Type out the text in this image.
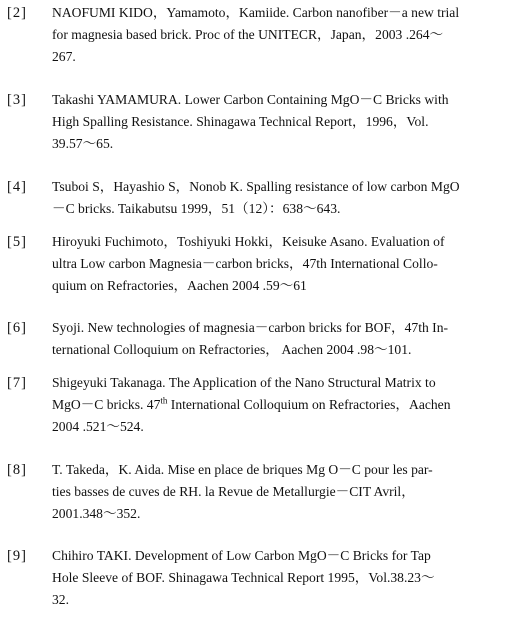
[2] NAOFUMI KIDO，Yamamoto，Kamiide. Carbon nanofiber－a new trial
for magnesia based brick. Proc of the UNITECR，Japan，2003 .264～
267.
[3] Takashi YAMAMURA. Lower Carbon Containing MgO－C Bricks with
High Spalling Resistance. Shinagawa Technical Report，1996，Vol.
39.57～65.
[4] Tsuboi S，Hayashio S，Nonob K. Spalling resistance of low carbon MgO
－C bricks. Taikabutsu 1999，51（12）：638～643.
[5] Hiroyuki Fuchimoto，Toshiyuki Hokki，Keisuke Asano. Evaluation of
ultra Low carbon Magnesia－carbon bricks，47th International Collo-
quium on Refractories，Aachen 2004 .59～61
[6] Syoji. New technologies of magnesia－carbon bricks for BOF，47th In-
ternational Colloquium on Refractories， Aachen 2004 .98～101.
[7] Shigeyuki Takanaga. The Application of the Nano Structural Matrix to
MgO－C bricks. 47th International Colloquium on Refractories，Aachen
2004 .521～524.
[8] T. Takeda，K. Aida. Mise en place de briques Mg O－C pour les par-
ties basses de cuves de RH. la Revue de Metallurgie－CIT Avril，
2001.348～352.
[9] Chihiro TAKI. Development of Low Carbon MgO－C Bricks for Tap
Hole Sleeve of BOF. Shinagawa Technical Report 1995，Vol.38.23～
32.
